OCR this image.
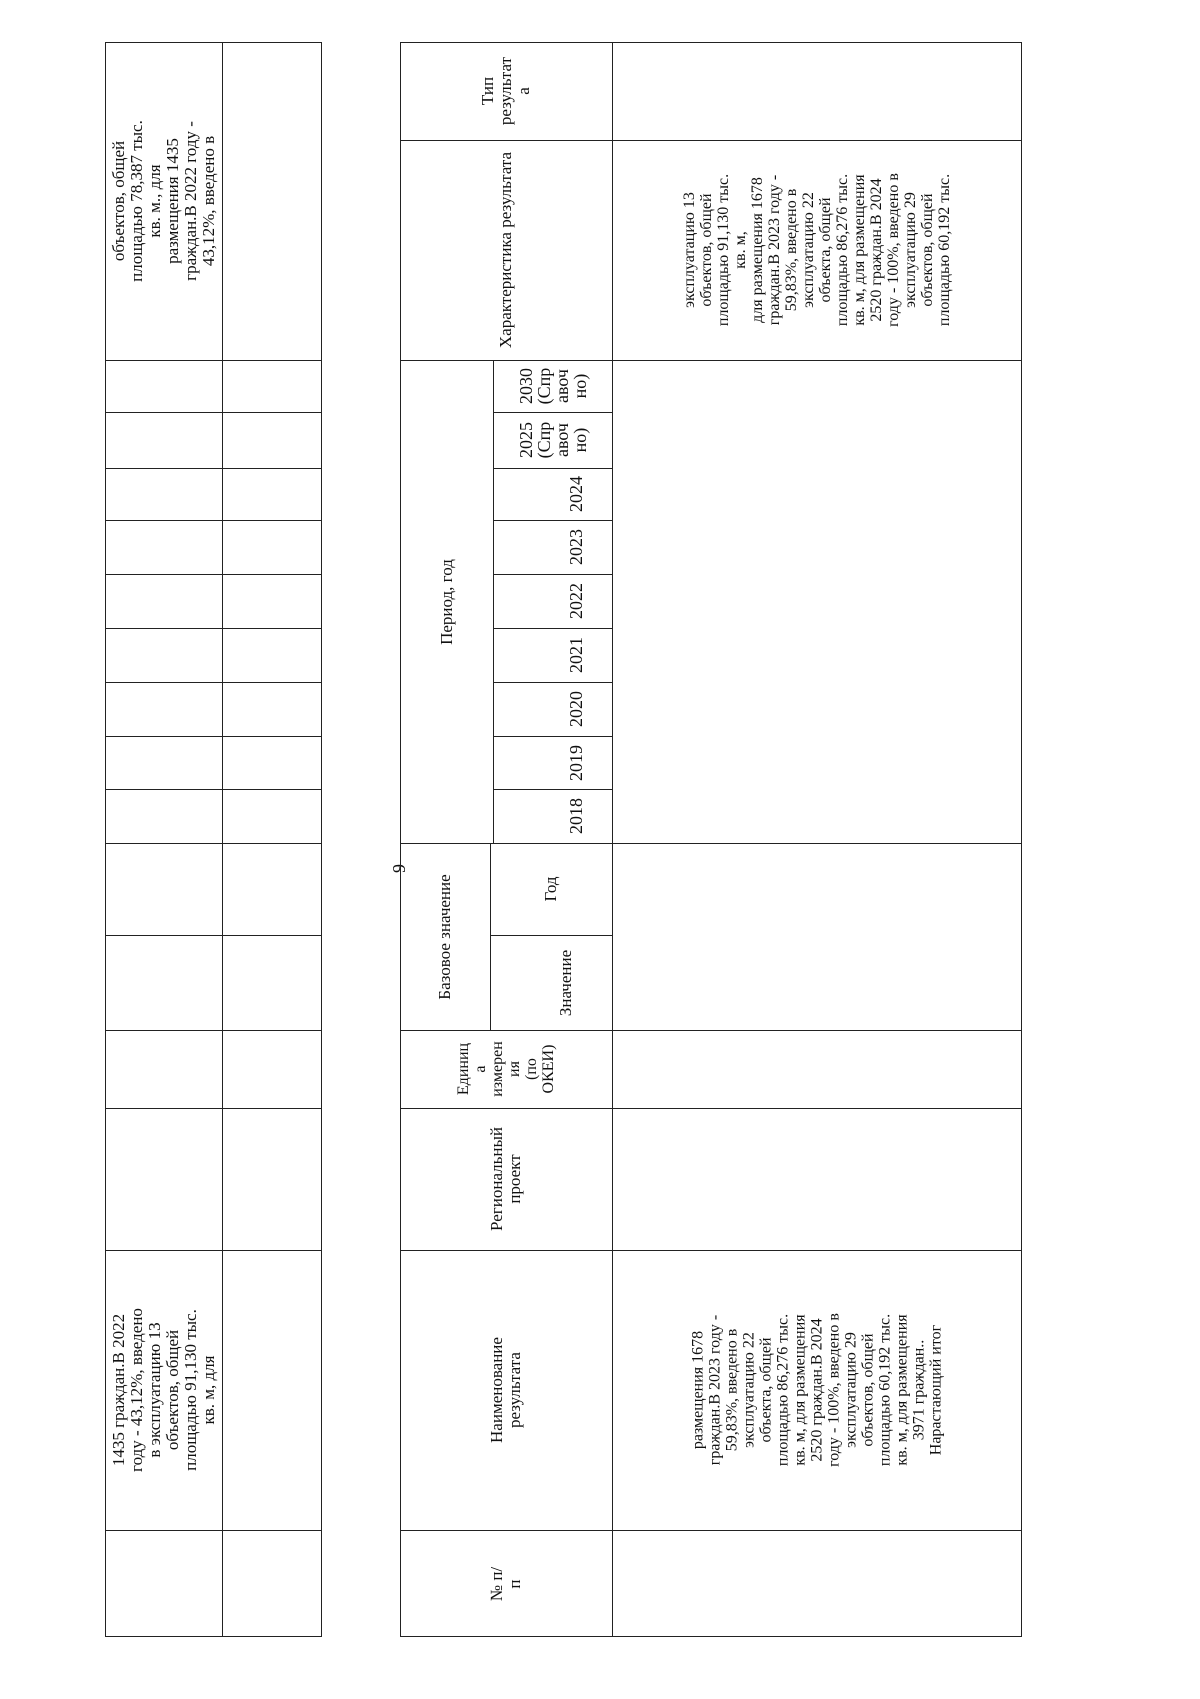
объектов, общей площадью 78,387 тыс. кв. м., для размещения 1435 граждан.В 2022 году - 43,12%, введено в
1435 граждан.В 2022 году - 43,12%, введено в эксплуатацию 13 объектов, общей площадью 91,130 тыс. кв. м, для
9
Тип результат а
Характеристика результата
Период, год
2030
(Спр
авоч
но)
2025
(Спр
авоч
но)
2024
2023
2022
2021
2020
2019
2018
Базовое значение	Год
Значение
Единиц а измерен ия (по ОКЕИ)
Региональный проект
Наименование результата
№ п/п
эксплуатацию 13 объектов, общей площадью 91,130 тыс. кв. м, для размещения 1678 граждан.В 2023 году - 59,83%, введено в эксплуатацию 22 объекта, общей площадью 86,276 тыс. кв. м, для размещения 2520 граждан.В 2024 году - 100%, введено в эксплуатацию 29 объектов, общей площадью 60,192 тыс.
размещения 1678 граждан.В 2023 году - 59,83%, введено в эксплуатацию 22 объекта, общей площадью 86,276 тыс. кв. м, для размещения 2520 граждан.В 2024 году - 100%, введено в эксплуатацию 29 объектов, общей площадью 60,192 тыс. кв. м, для размещения 3971 граждан.. Нарастающий итог
